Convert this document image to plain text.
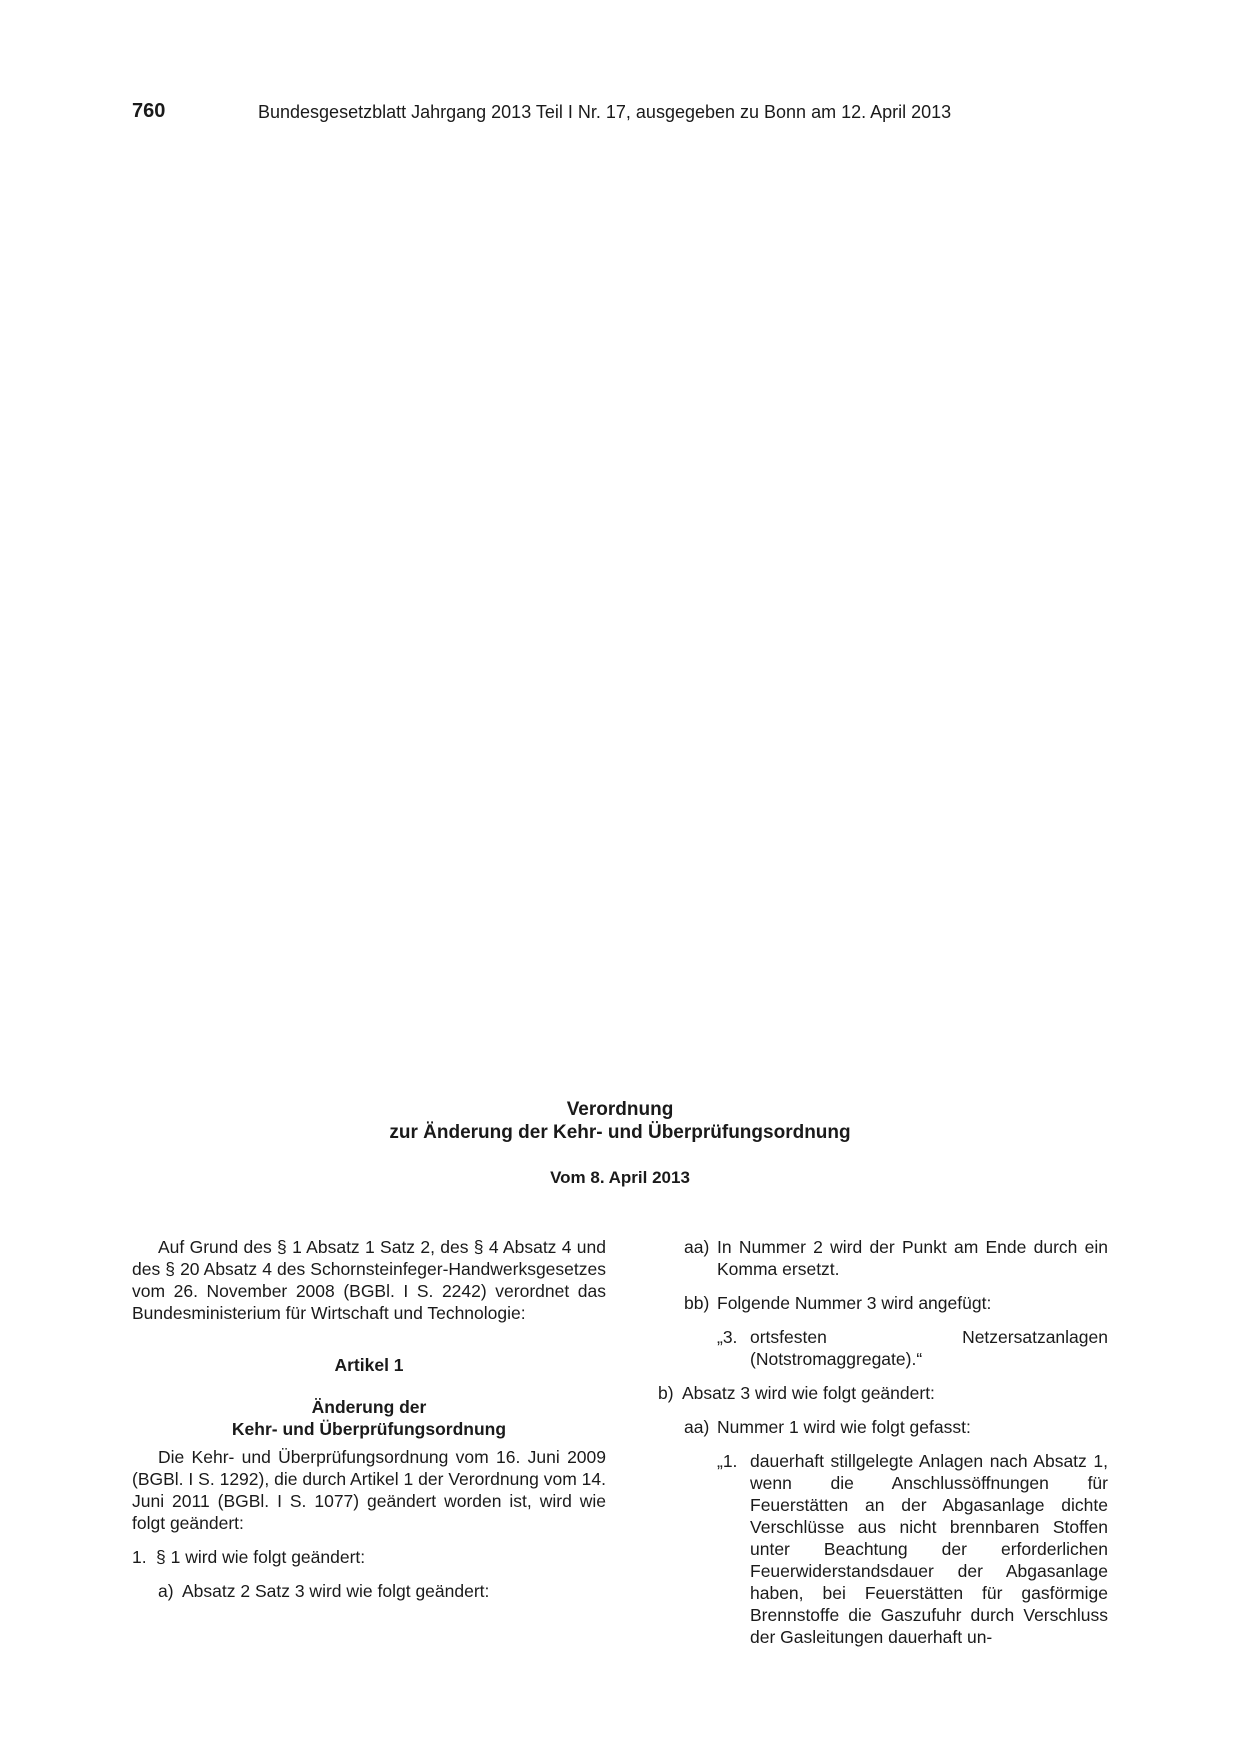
760	Bundesgesetzblatt Jahrgang 2013 Teil I Nr. 17, ausgegeben zu Bonn am 12. April 2013
Verordnung
zur Änderung der Kehr- und Überprüfungsordnung
Vom 8. April 2013

Auf Grund des § 1 Absatz 1 Satz 2, des § 4 Absatz 4 und des § 20 Absatz 4 des Schornsteinfeger-Handwerksgesetzes vom 26. November 2008 (BGBl. I S. 2242) verordnet das Bundesministerium für Wirtschaft und Technologie:

Artikel 1

Änderung der

Kehr- und Überprüfungsordnung

Die Kehr- und Überprüfungsordnung vom 16. Juni 2009 (BGBl. I S. 1292), die durch Artikel 1 der Verordnung vom 14. Juni 2011 (BGBl. I S. 1077) geändert worden ist, wird wie folgt geändert:

1. § 1 wird wie folgt geändert:
a) Absatz 2 Satz 3 wird wie folgt geändert:
aa) In Nummer 2 wird der Punkt am Ende durch ein Komma ersetzt.
bb) Folgende Nummer 3 wird angefügt:
„3. ortsfesten Netzersatzanlagen (Notstromaggregate).“
b) Absatz 3 wird wie folgt geändert:
aa) Nummer 1 wird wie folgt gefasst:
„1. dauerhaft stillgelegte Anlagen nach Absatz 1, wenn die Anschlussöffnungen für Feuerstätten an der Abgasanlage dichte Verschlüsse aus nicht brennbaren Stoffen unter Beachtung der erforderlichen Feuerwiderstandsdauer der Abgasanlage haben, bei Feuerstätten für gasförmige Brennstoffe die Gaszufuhr durch Verschluss der Gasleitungen dauerhaft un-
